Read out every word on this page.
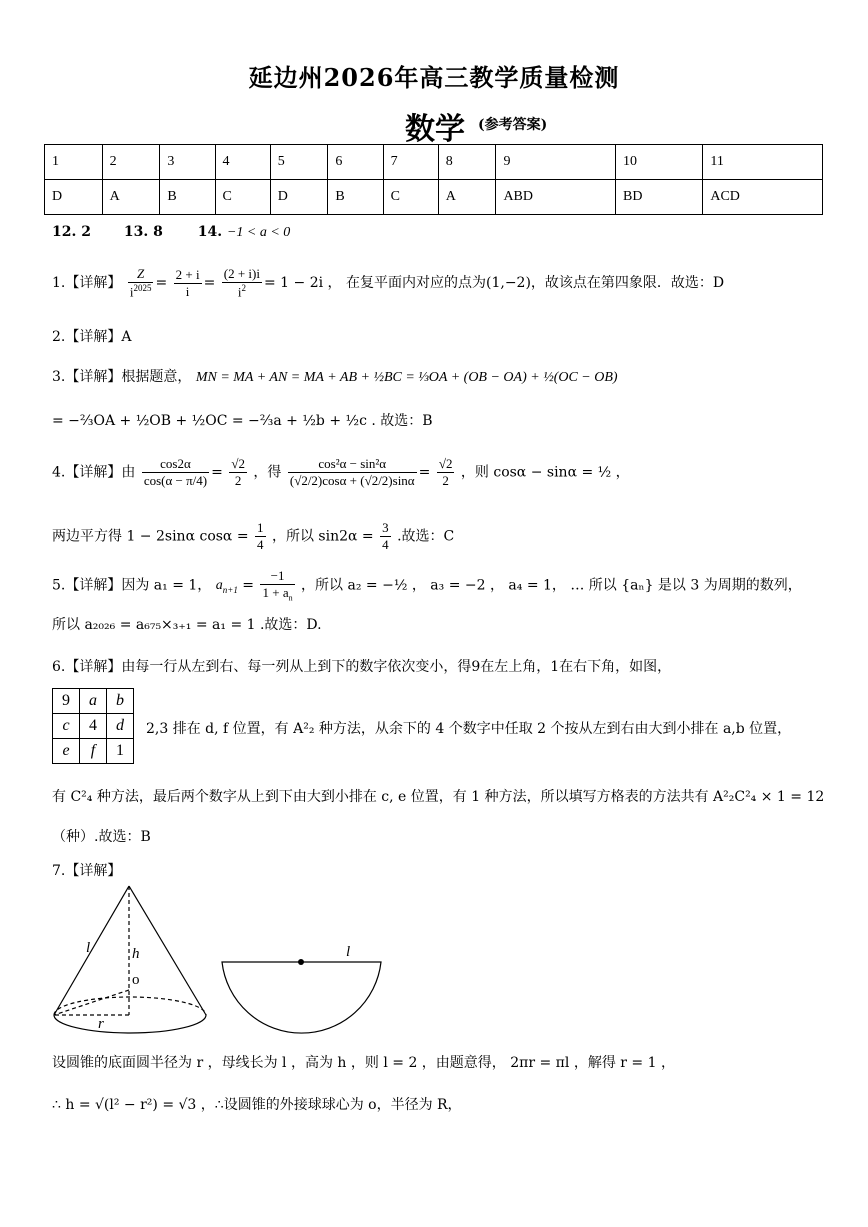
延边州2026年高三教学质量检测
数学 (参考答案)
1	2	3	4	5	6	7	8	9	10	11
D	A	B	C	D	B	C	A	ABD	BD	ACD
12. 2 13. 8 14. −1 < a < 0
1.【详解】 $\frac{Z}{i^{2025}} = \frac{2 + i}{i} = \frac{(2 + i)i}{i^2} = 1 - 2i$ ， 在复平面内对应的点为(1,−2)，故该点在第四象限．故选：D
2.【详解】A
3.【详解】根据题意， MN = MA + AN = MA + AB + ½BC = ⅓OA + (OB − OA) + ½(OC − OB)
= −⅔OA + ½OB + ½OC = −⅔a + ½b + ½c . 故选：B
4.【详解】由 $\frac{\cos 2\alpha}{\cos(\alpha - \pi/4)} = \frac{√2}{2}$ ，得 $\frac{\text{cos²α − sin²α}}{(√2/2)\cos\alpha + (√2/2)\sin\alpha} = \frac{√2}{2}$ ，则 cosα − sinα = ½ ，
两边平方得 1 − 2sinα $\cos\alpha = \frac{1}{4}$ ，所以 $\sin 2\alpha = \frac{3}{4}$ .故选：C
5.【详解】因为 a₁ = 1， $a_{n+1} = \frac{-1}{1 + a_n}$ ，所以 a₂ = −½ ， a₃ = −2 ， a₄ = 1， … 所以 {aₙ} 是以 3 为周期的数列，
所以 a₂₀₂₆ = a₆₇₅×₃₊₁ = a₁ = 1 .故选：D.
6.【详解】由每一行从左到右、每一列从上到下的数字依次变小，得9在左上角，1在右下角，如图，
9	a	b
c	4	d
e	f	1
2,3 排在 d, f 位置，有 A²₂ 种方法，从余下的 4 个数字中任取 2 个按从左到右由大到小排在 a,b 位置，
有 C²₄ 种方法，最后两个数字从上到下由大到小排在 c, e 位置，有 1 种方法，所以填写方格表的方法共有 A²₂C²₄ × 1 = 12
（种）.故选：B
7.【详解】
l	h
o
r
l
设圆锥的底面圆半径为 r ，母线长为 l ，高为 h ，则 l = 2 ，由题意得， 2πr = πl ，解得 r = 1 ，
∴ h = √(l² − r²) = √3 ，∴设圆锥的外接球球心为 o，半径为 R，
